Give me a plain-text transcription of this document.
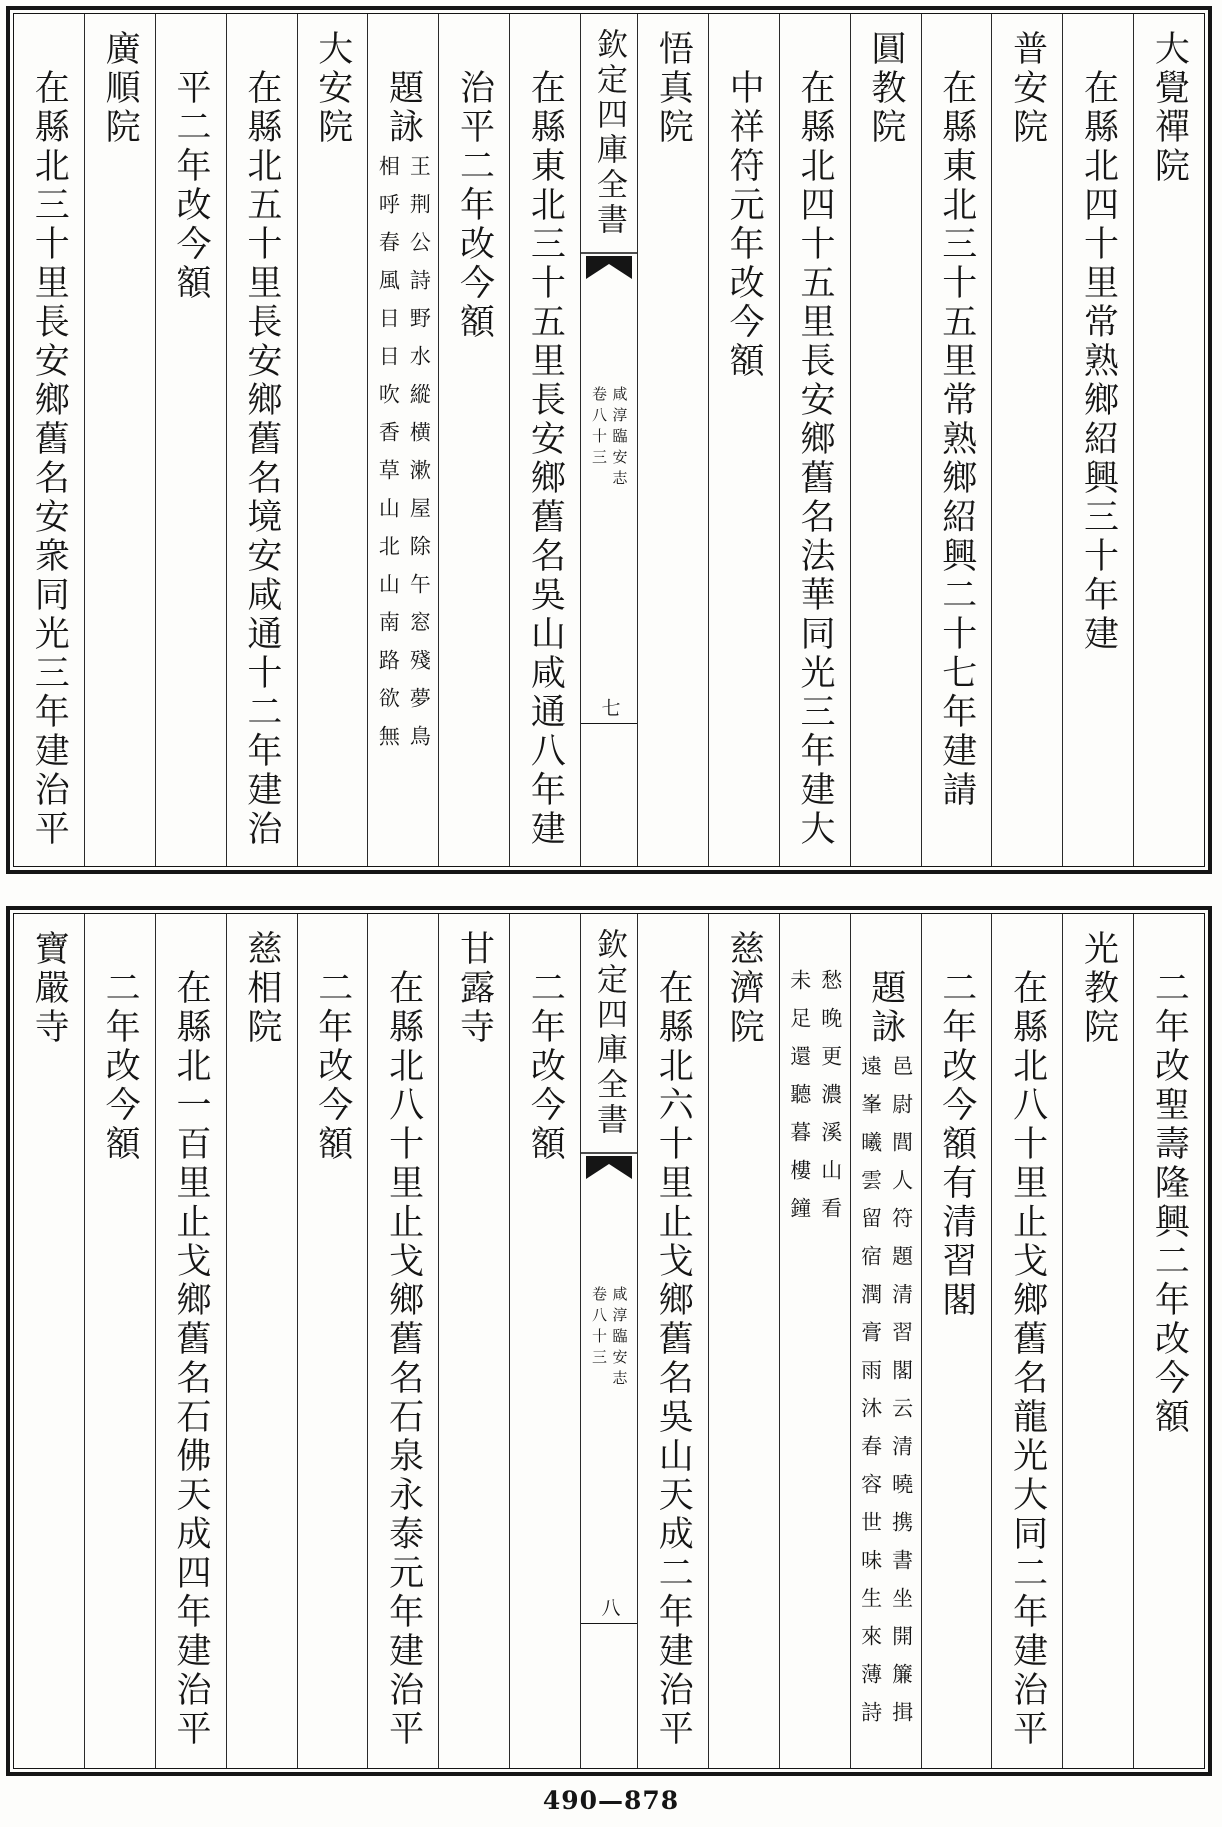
大覺禪院
在縣北四十里常熟鄉紹興三十年建
普安院
在縣東北三十五里常熟鄉紹興二十七年建請
圓教院
在縣北四十五里長安鄉舊名法華同光三年建大
中祥符元年改今額
悟真院
欽定四庫全書
咸淳臨安志
卷八十三
七
在縣東北三十五里長安鄉舊名吳山咸通八年建
治平二年改今額
題詠
王荆公詩野水縱横漱屋除午窓殘夢鳥
相呼春風日日吹香草山北山南路欲無
大安院
在縣北五十里長安鄉舊名境安咸通十二年建治
平二年改今額
廣順院
在縣北三十里長安鄉舊名安衆同光三年建治平
二年改聖壽隆興二年改今額
光教院
在縣北八十里止戈鄉舊名龍光大同二年建治平
二年改今額有清習閣
題詠
邑尉閭人符題清習閣云清曉携書坐開簾揖
遠峯曦雲留宿潤膏雨沐春容世味生來薄詩
愁晚更濃溪山看
未足還聽暮樓鐘
慈濟院
在縣北六十里止戈鄉舊名吳山天成二年建治平
欽定四庫全書
咸淳臨安志
卷八十三
八
二年改今額
甘露寺
在縣北八十里止戈鄉舊名石泉永泰元年建治平
二年改今額
慈相院
在縣北一百里止戈鄉舊名石佛天成四年建治平
二年改今額
寶嚴寺
490—878
